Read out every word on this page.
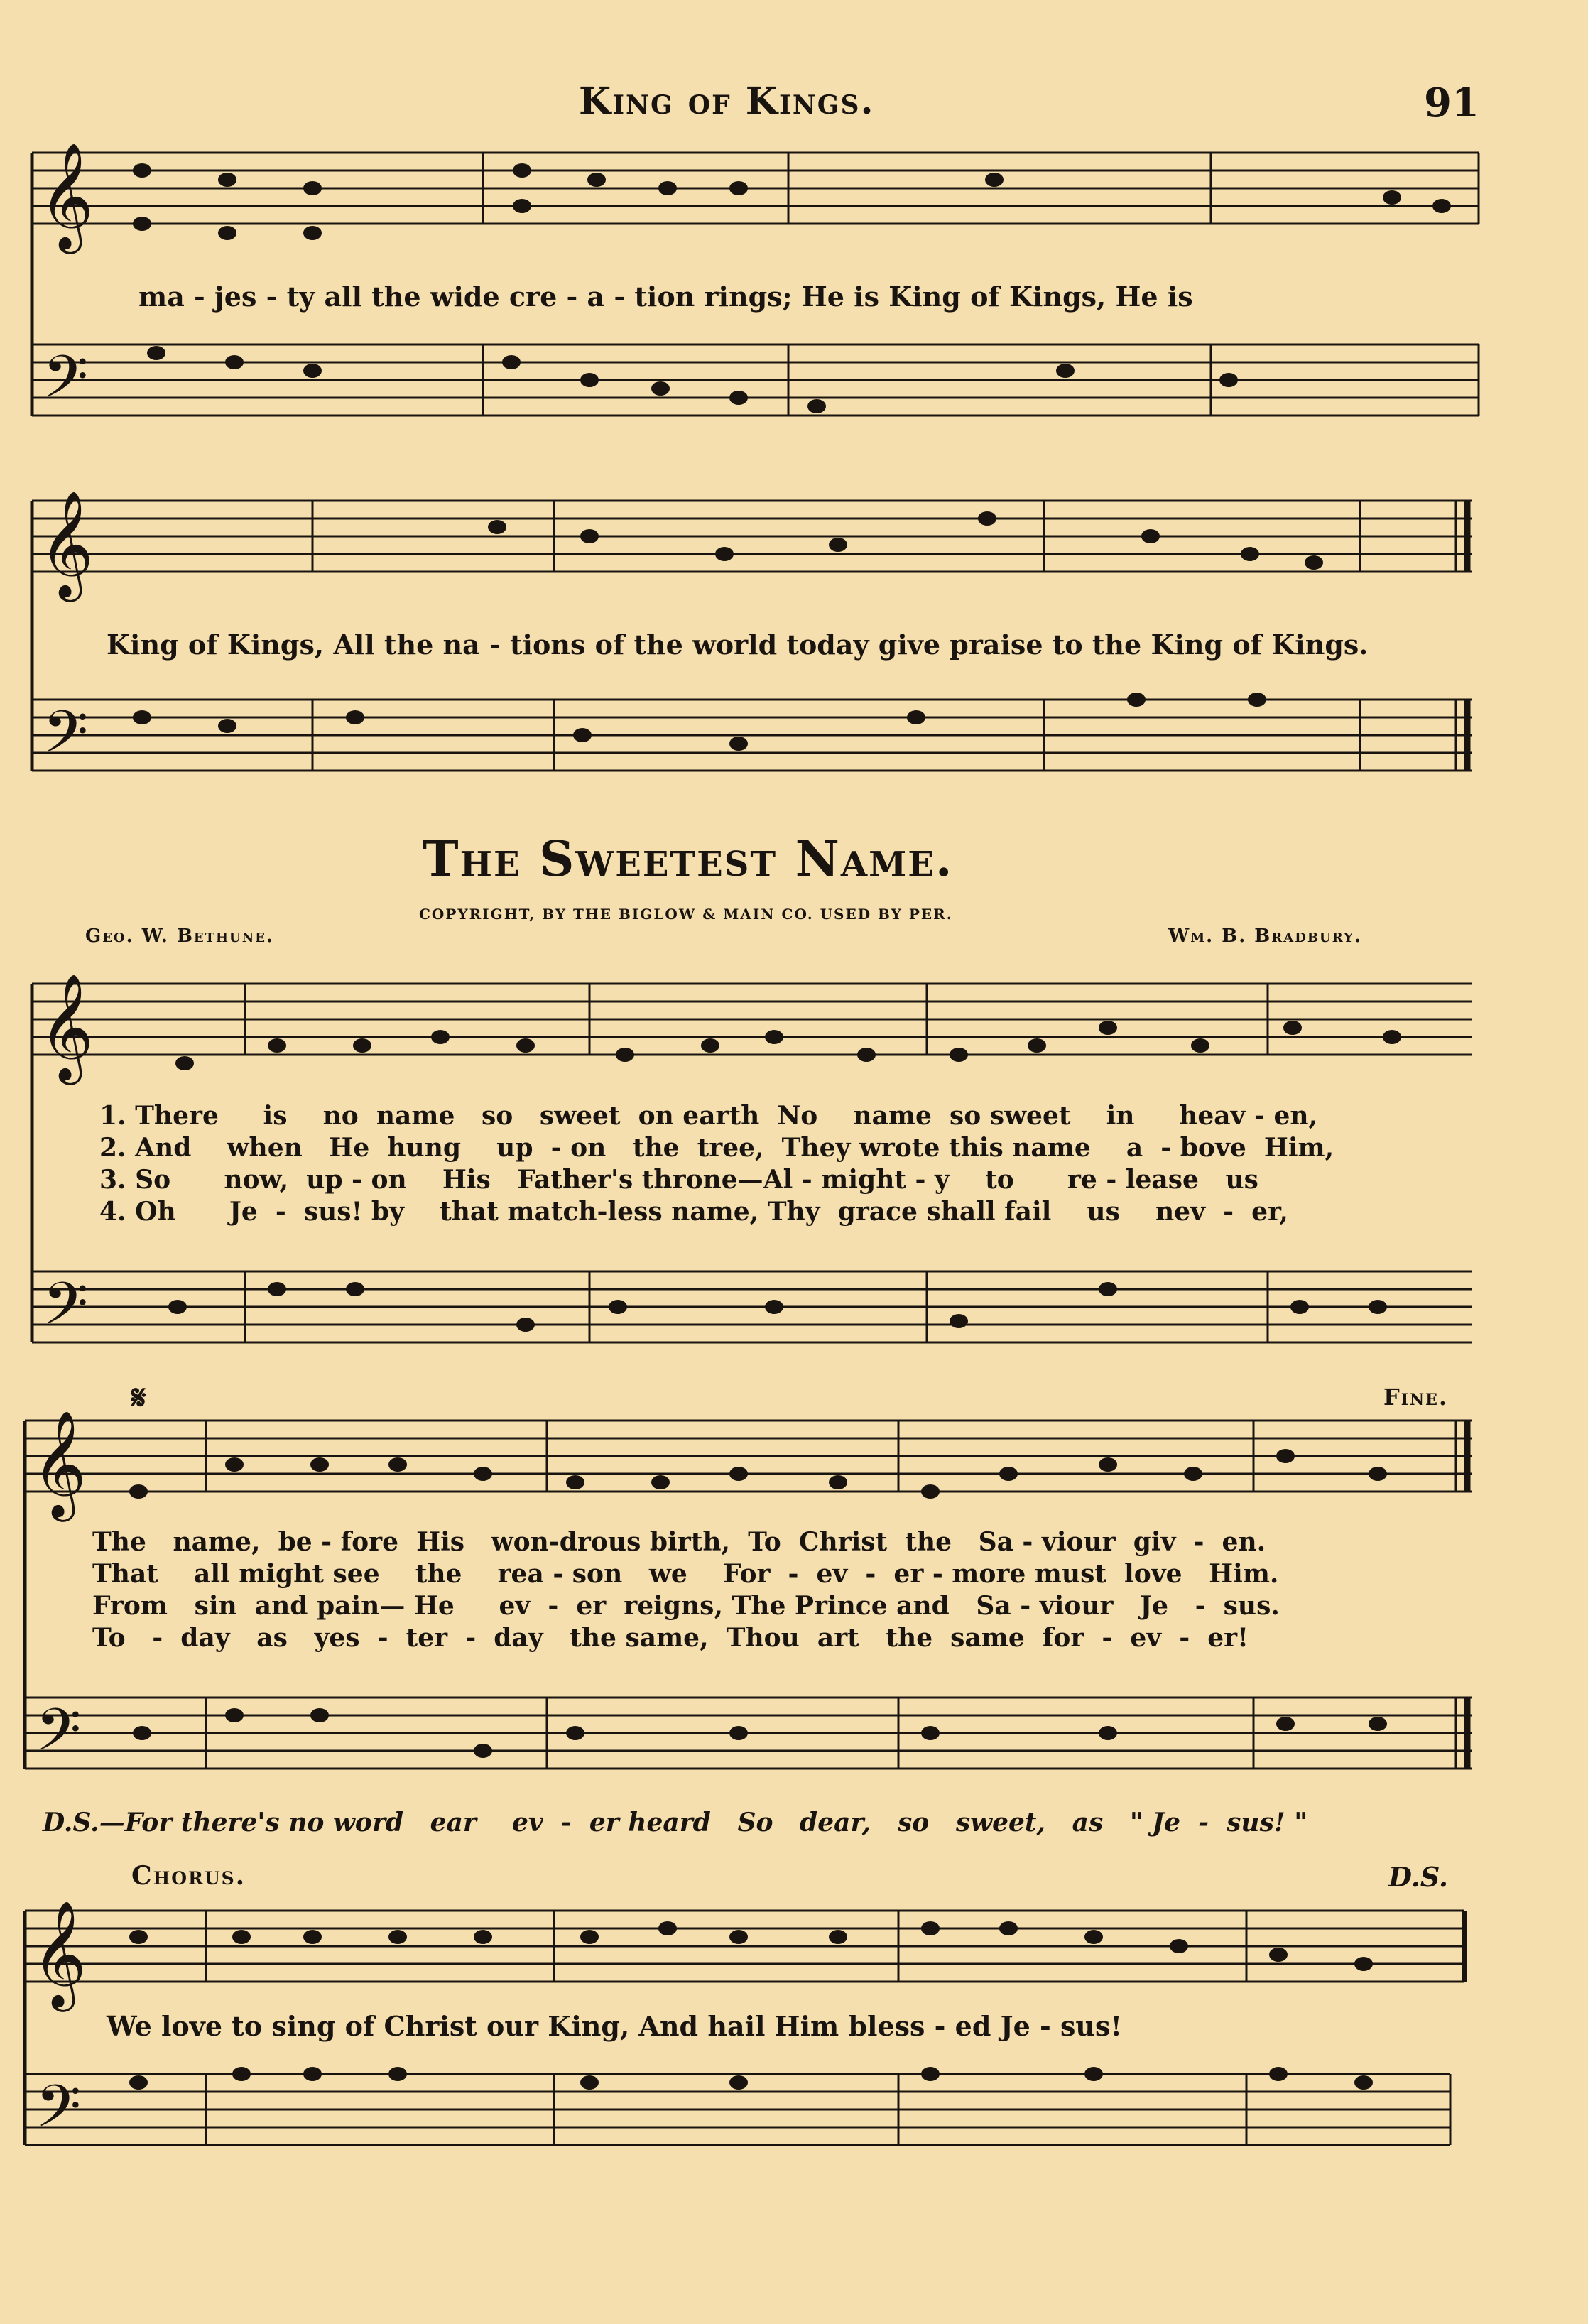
King of Kings.	91
𝄞
𝄢
𝄞
𝄢
𝄞
𝄢
𝄞
𝄢
𝄞
𝄢
ma - jes - ty all the wide cre - a - tion rings; He is King of Kings, He is
King of Kings, All the na - tions of the world today give praise to the King of Kings.
The Sweetest Name.
COPYRIGHT, BY THE BIGLOW & MAIN CO. USED BY PER.
Geo. W. Bethune.	Wm. B. Bradbury.
1. There     is    no  name   so   sweet  on earth  No    name  so sweet    in     heav - en,
2. And    when   He  hung    up  - on   the  tree,  They wrote this name    a  - bove  Him,
3. So      now,  up - on    His   Father's throne—Al - might - y    to      re - lease   us
4. Oh      Je  -  sus! by    that match-less name, Thy  grace shall fail    us    nev  -  er,
𝄋	Fine.
The   name,  be - fore  His   won-drous birth,  To  Christ  the   Sa - viour  giv  -  en.
That    all might see    the    rea - son   we    For  -  ev  -  er - more must  love   Him.
From   sin  and pain— He     ev  -  er  reigns, The Prince and   Sa - viour   Je   -  sus.
To   -  day   as   yes  -  ter  -  day   the same,  Thou  art   the  same  for  -  ev  -  er!
D.S.—For there's no word   ear    ev  -  er heard   So   dear,   so   sweet,   as   " Je  -  sus! "
Chorus.	D.S.
We love to sing of Christ our King, And hail Him bless - ed Je - sus!
